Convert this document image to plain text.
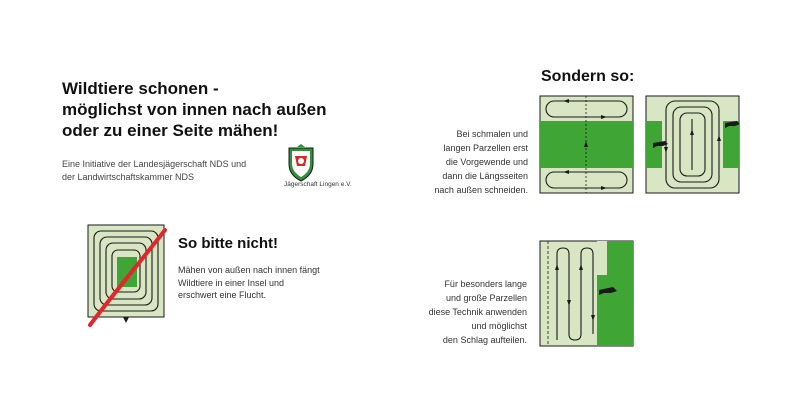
Wildtiere schonen -
möglichst von innen nach außen
oder zu einer Seite mähen!
Eine Initiative der Landesjägerschaft NDS und
der Landwirtschaftskammer NDS
Jägerschaft Lingen e.V.
So bitte nicht!
Mähen von außen nach innen fängt
Wildtiere in einer Insel und
erschwert eine Flucht.
Sondern so:
Bei schmalen und
langen Parzellen erst
die Vorgewende und
dann die Längsseiten
nach außen schneiden.
Für besonders lange
und große Parzellen
diese Technik anwenden
und möglichst
den Schlag aufteilen.
